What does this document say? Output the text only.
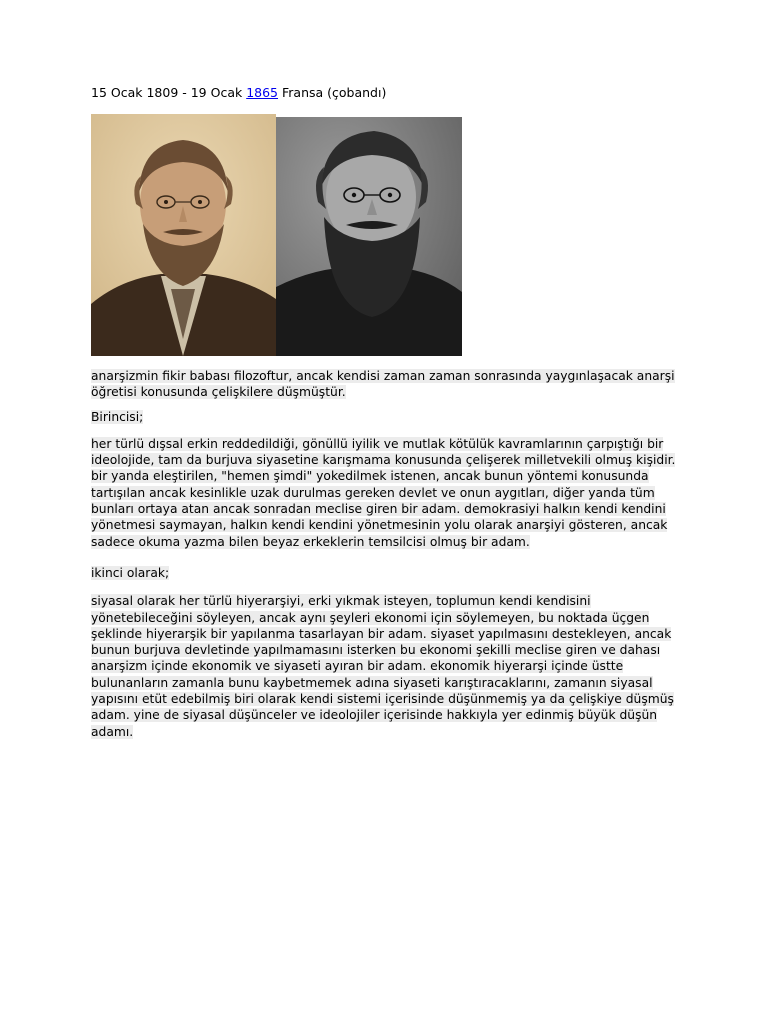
15 Ocak 1809 - 19 Ocak 1865 Fransa (çobandı)

anarşizmin fikir babası filozoftur, ancak kendisi zaman zaman sonrasında yaygınlaşacak anarşi öğretisi konusunda çelişkilere düşmüştür.

Birincisi;

her türlü dışsal erkin reddedildiği, gönüllü iyilik ve mutlak kötülük kavramlarının çarpıştığı bir ideolojide, tam da burjuva siyasetine karışmama konusunda çelişerek milletvekili olmuş kişidir. bir yanda eleştirilen, "hemen şimdi" yokedilmek istenen, ancak bunun yöntemi konusunda tartışılan ancak kesinlikle uzak durulmas gereken devlet ve onun aygıtları, diğer yanda tüm bunları ortaya atan ancak sonradan meclise giren bir adam. demokrasiyi halkın kendi kendini yönetmesi saymayan, halkın kendi kendini yönetmesinin yolu olarak anarşiyi gösteren, ancak sadece okuma yazma bilen beyaz erkeklerin temsilcisi olmuş bir adam.

ikinci olarak;

siyasal olarak her türlü hiyerarşiyi, erki yıkmak isteyen, toplumun kendi kendisini yönetebileceğini söyleyen, ancak aynı şeyleri ekonomi için söylemeyen, bu noktada üçgen şeklinde hiyerarşik bir yapılanma tasarlayan bir adam. siyaset yapılmasını destekleyen, ancak bunun burjuva devletinde yapılmamasını isterken bu ekonomi şekilli meclise giren ve dahası anarşizm içinde ekonomik ve siyaseti ayıran bir adam. ekonomik hiyerarşi içinde üstte bulunanların zamanla bunu kaybetmemek adına siyaseti karıştıracaklarını, zamanın siyasal yapısını etüt edebilmiş biri olarak kendi sistemi içerisinde düşünmemiş ya da çelişkiye düşmüş adam. yine de siyasal düşünceler ve ideolojiler içerisinde hakkıyla yer edinmiş büyük düşün adamı.
